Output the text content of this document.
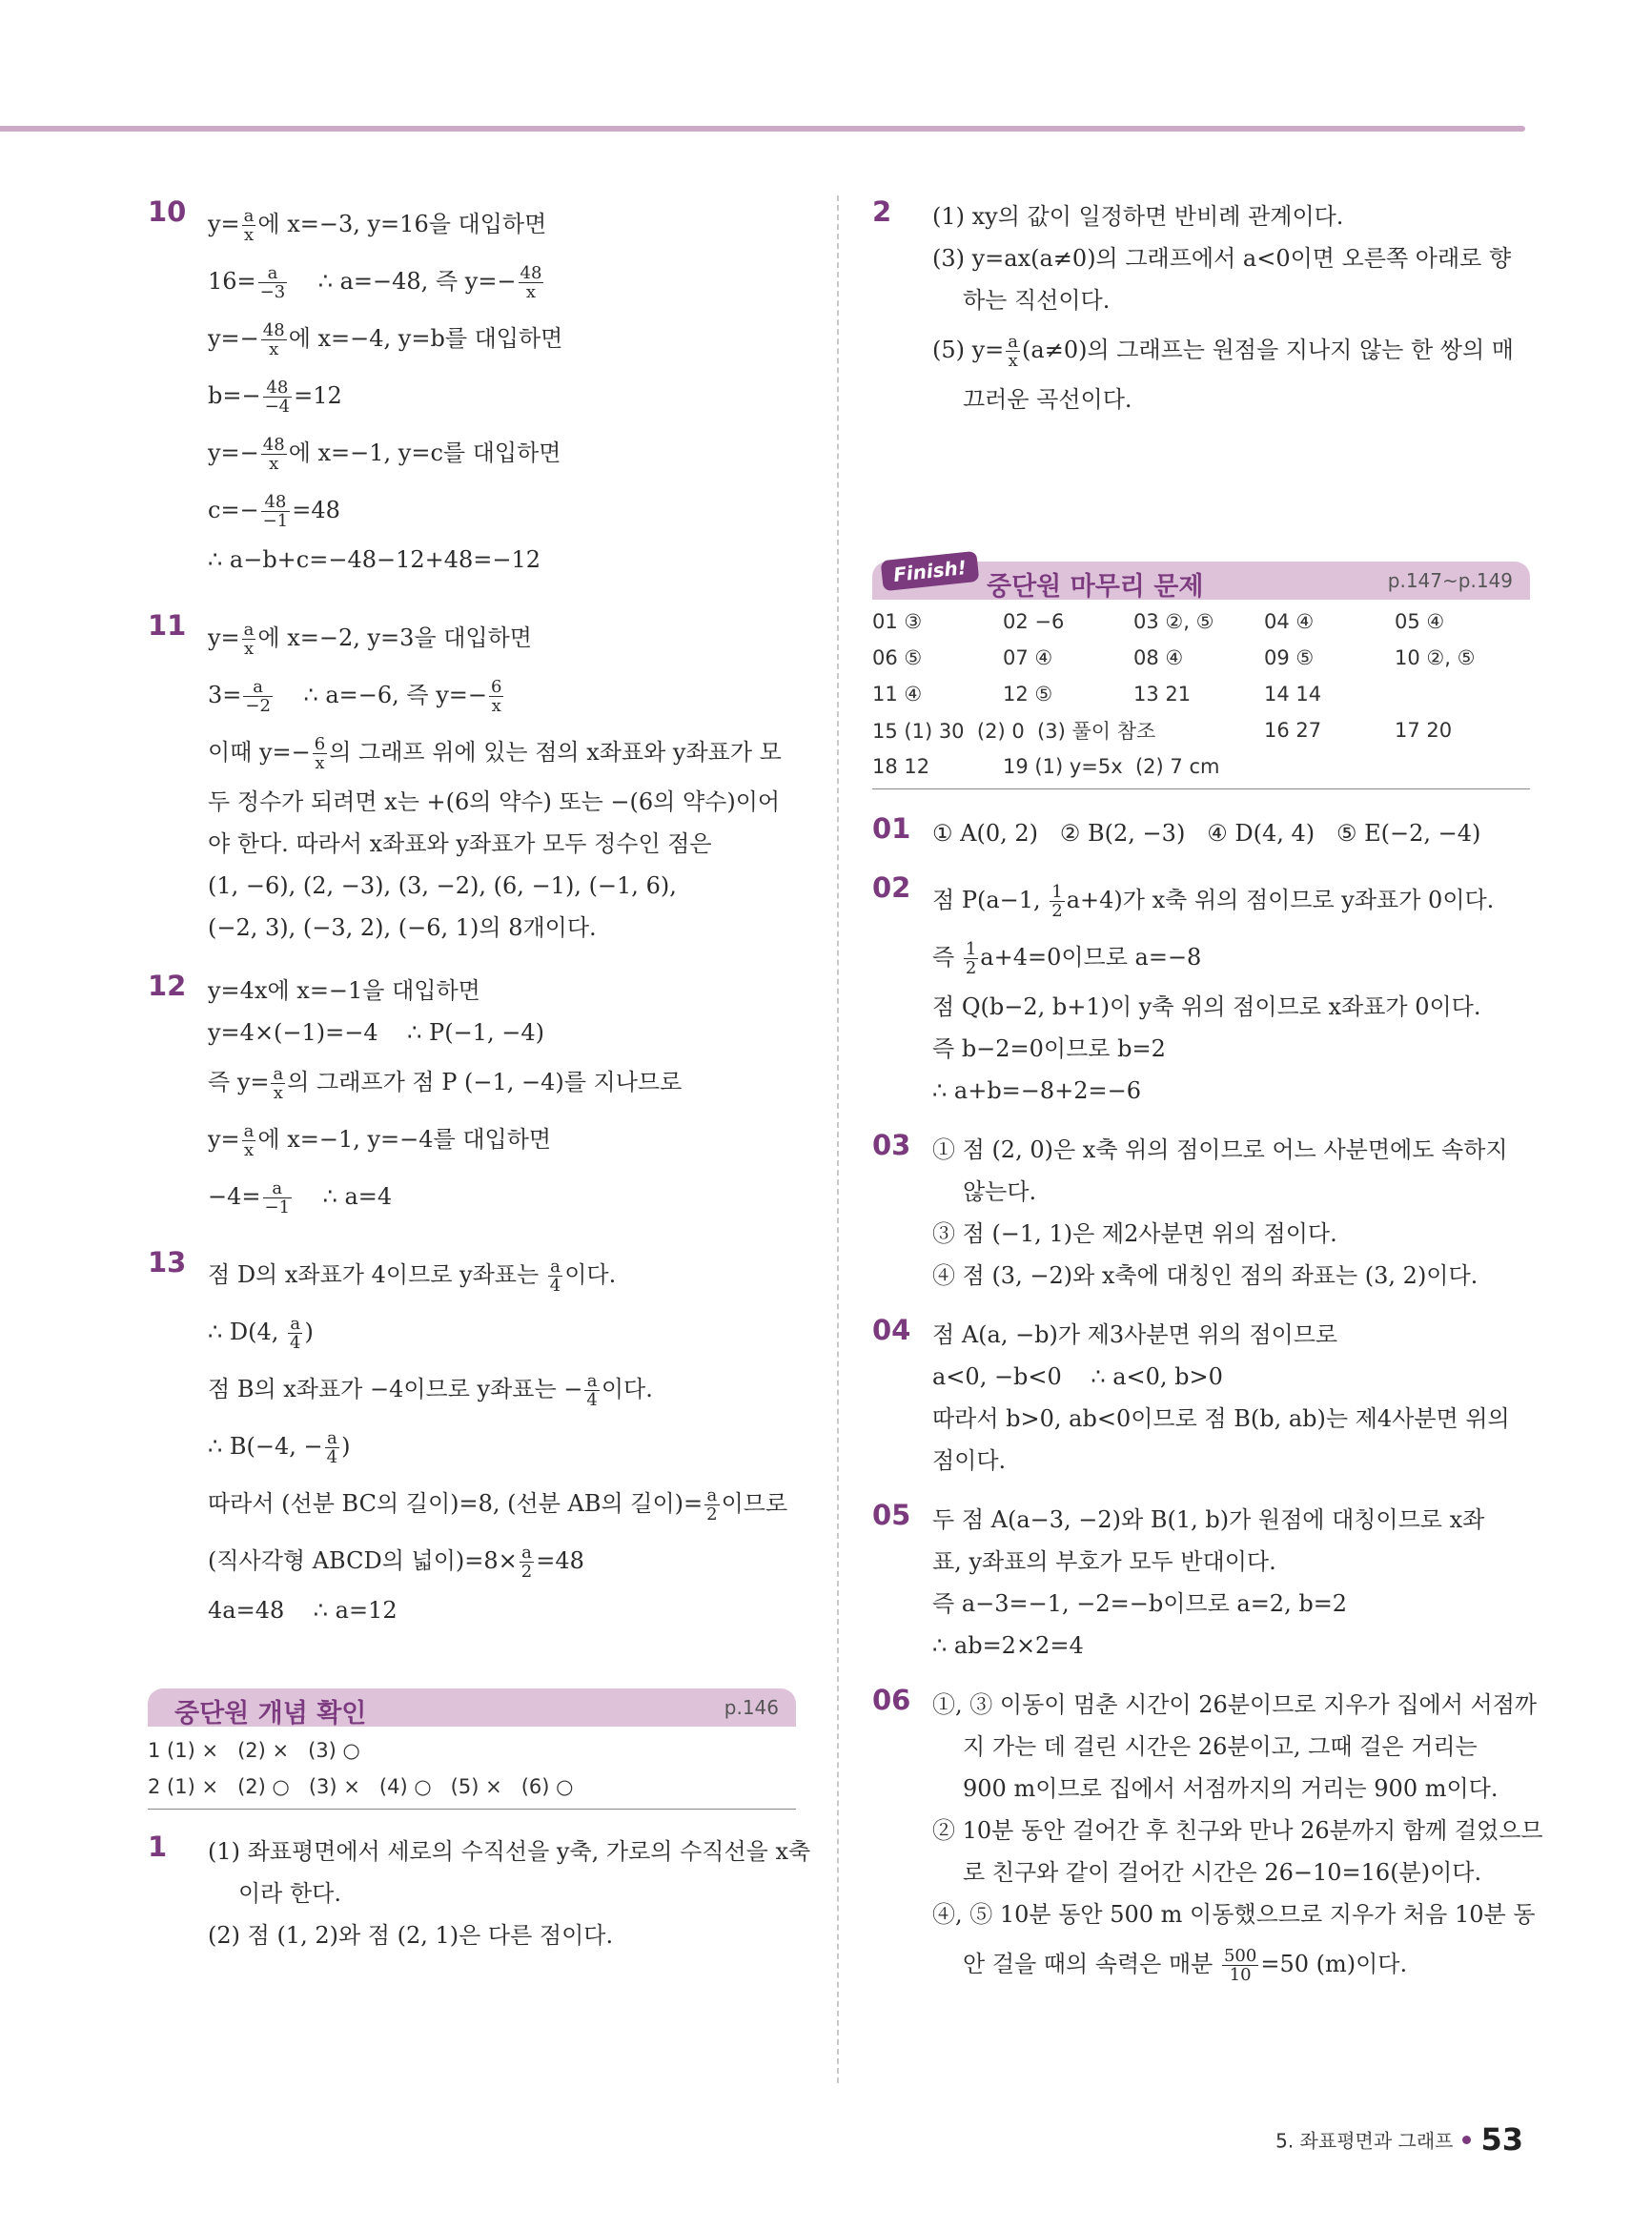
10 $y= \frac{a}{x}$ 에 x=−3, y=16을 대입하면
$16= \frac{a}{-3}$ ∴ a=−48, 즉 $y=- \frac{48}{x}$
$y=- \frac{48}{x}$ 에 x=−4, y=b를 대입하면
$b=- \frac{48}{-4} =12$
$y=- \frac{48}{x}$ 에 x=−1, y=c를 대입하면
$c=- \frac{48}{-1} =48$
∴ a−b+c=−48−12+48=−12
11 $y= \frac{a}{x}$ 에 x=−2, y=3을 대입하면
$3= \frac{a}{-2}$ ∴ a=−6, 즉 $y=- \frac{6}{x}$
이때 $y=- \frac{6}{x}$ 의 그래프 위에 있는 점의 x좌표와 y좌표가 모
두 정수가 되려면 x는 +(6의 약수) 또는 −(6의 약수)이어
야 한다. 따라서 x좌표와 y좌표가 모두 정수인 점은
(1, −6), (2, −3), (3, −2), (6, −1), (−1, 6),
(−2, 3), (−3, 2), (−6, 1)의 8개이다.
12 y=4x에 x=−1을 대입하면
y=4×(−1)=−4    ∴ P(−1, −4)
즉 $y= \frac{a}{x}$ 의 그래프가 점 P (−1, −4)를 지나므로
$y= \frac{a}{x}$ 에 x=−1, y=−4를 대입하면
$-4= \frac{a}{-1}$ ∴ a=4
13 점 D의 x좌표가 4이므로 y좌표는 $\frac{a}{4}$ 이다.
∴ D(4, $\frac{a}{4}$ )
점 B의 x좌표가 −4이므로 y좌표는 − $\frac{a}{4}$ 이다.
∴ B(−4, − $\frac{a}{4}$ )
따라서 (선분 BC의 길이)=8, (선분 AB의 길이)= $\frac{a}{2}$ 이므로
(직사각형 ABCD의 넓이)$=8\times \frac{a}{2} =48$
4a=48    ∴ a=12
중단원 개념 확인	p.146
1 (1) ×   (2) ×   (3) ○
2 (1) ×   (2) ○   (3) ×   (4) ○   (5) ×   (6) ○
1 (1) 좌표평면에서 세로의 수직선을 y축, 가로의 수직선을 x축
이라 한다.
(2) 점 (1, 2)와 점 (2, 1)은 다른 점이다.
2 (1) xy의 값이 일정하면 반비례 관계이다.
(3) y=ax(a≠0)의 그래프에서 a<0이면 오른쪽 아래로 향
하는 직선이다.
(5) $y= \frac{a}{x} (a\ne 0)$의 그래프는 원점을 지나지 않는 한 쌍의 매
끄러운 곡선이다.
Finish!
중단원 마무리 문제	p.147~p.149
01 ③	02 −6	03 ②, ⑤	04 ④	05 ④
06 ⑤	07 ④	08 ④	09 ⑤	10 ②, ⑤
11 ④	12 ⑤	13 21	14 14
15 (1) 30  (2) 0  (3) 풀이 참조	16 27	17 20
18 12	19 (1) y=5x  (2) 7 cm
01 ① A(0, 2)   ② B(2, −3)   ④ D(4, 4)   ⑤ E(−2, −4)
02 점 P(a−1, $\frac{1}{2} a+4$)가 x축 위의 점이므로 y좌표가 0이다.
즉 $\frac{1}{2} a+4=0$이므로 a=−8
점 Q(b−2, b+1)이 y축 위의 점이므로 x좌표가 0이다.
즉 b−2=0이므로 b=2
∴ a+b=−8+2=−6
03 ① 점 (2, 0)은 x축 위의 점이므로 어느 사분면에도 속하지
않는다.
③ 점 (−1, 1)은 제2사분면 위의 점이다.
④ 점 (3, −2)와 x축에 대칭인 점의 좌표는 (3, 2)이다.
04 점 A(a, −b)가 제3사분면 위의 점이므로
a<0, −b<0    ∴ a<0, b>0
따라서 b>0, ab<0이므로 점 B(b, ab)는 제4사분면 위의
점이다.
05 두 점 A(a−3, −2)와 B(1, b)가 원점에 대칭이므로 x좌
표, y좌표의 부호가 모두 반대이다.
즉 a−3=−1, −2=−b이므로 a=2, b=2
∴ ab=2×2=4
06 ①, ③ 이동이 멈춘 시간이 26분이므로 지우가 집에서 서점까
지 가는 데 걸린 시간은 26분이고, 그때 걸은 거리는
900 m이므로 집에서 서점까지의 거리는 900 m이다.
② 10분 동안 걸어간 후 친구와 만나 26분까지 함께 걸었으므
로 친구와 같이 걸어간 시간은 26−10=16(분)이다.
④, ⑤ 10분 동안 500 m 이동했으므로 지우가 처음 10분 동
안 걸을 때의 속력은 매분 $\frac{500}{10} =50$ (m)이다.
5. 좌표평면과 그래프 53
